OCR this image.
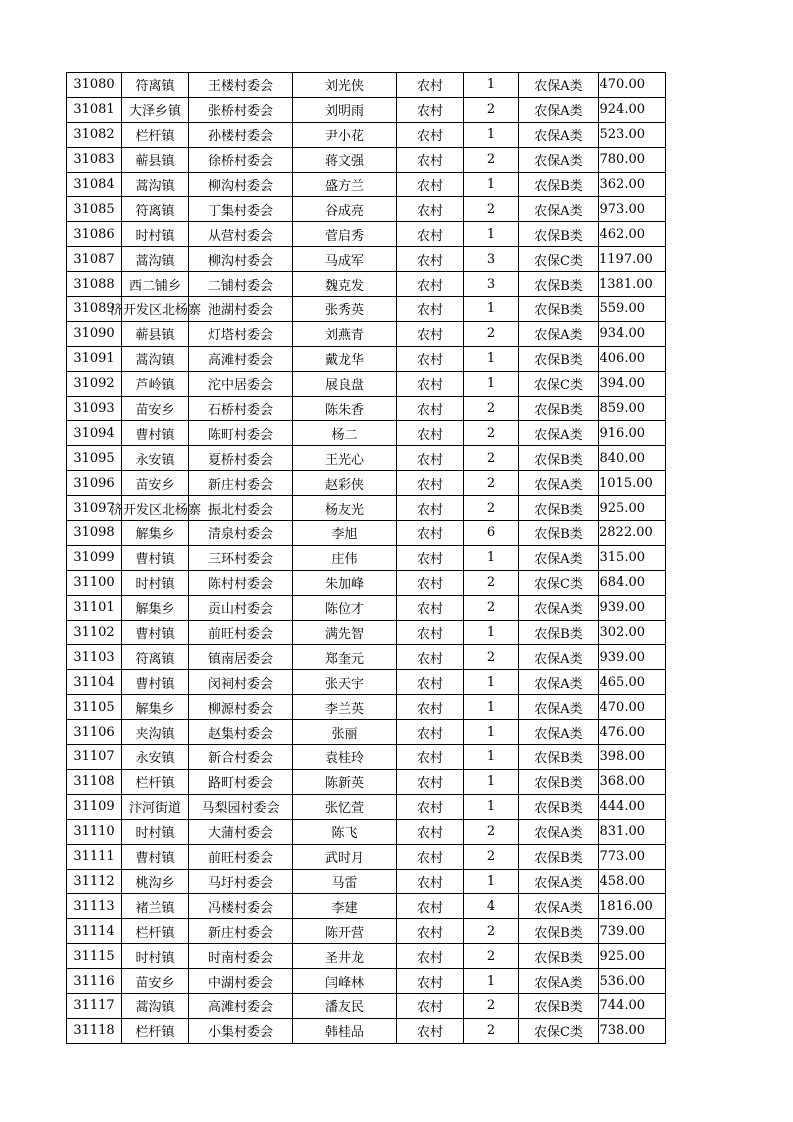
31080	符离镇	王楼村委会	刘光侠	农村	1	农保A类	470.00
31081	大泽乡镇	张桥村委会	刘明雨	农村	2	农保A类	924.00
31082	栏杆镇	孙楼村委会	尹小花	农村	1	农保A类	523.00
31083	蕲县镇	徐桥村委会	蒋文强	农村	2	农保A类	780.00
31084	蒿沟镇	柳沟村委会	盛方兰	农村	1	农保B类	362.00
31085	符离镇	丁集村委会	谷成亮	农村	2	农保A类	973.00
31086	时村镇	从营村委会	菅启秀	农村	1	农保B类	462.00
31087	蒿沟镇	柳沟村委会	马成军	农村	3	农保C类	1197.00
31088	西二铺乡	二铺村委会	魏克发	农村	3	农保B类	1381.00
31089	济开发区北杨寨	池湖村委会	张秀英	农村	1	农保B类	559.00
31090	蕲县镇	灯塔村委会	刘燕青	农村	2	农保A类	934.00
31091	蒿沟镇	高滩村委会	戴龙华	农村	1	农保B类	406.00
31092	芦岭镇	沱中居委会	展良盘	农村	1	农保C类	394.00
31093	苗安乡	石桥村委会	陈朱香	农村	2	农保B类	859.00
31094	曹村镇	陈町村委会	杨二	农村	2	农保A类	916.00
31095	永安镇	夏桥村委会	王光心	农村	2	农保B类	840.00
31096	苗安乡	新庄村委会	赵彩侠	农村	2	农保A类	1015.00
31097	济开发区北杨寨	振北村委会	杨友光	农村	2	农保B类	925.00
31098	解集乡	清泉村委会	李旭	农村	6	农保B类	2822.00
31099	曹村镇	三环村委会	庄伟	农村	1	农保A类	315.00
31100	时村镇	陈村村委会	朱加峰	农村	2	农保C类	684.00
31101	解集乡	贡山村委会	陈位才	农村	2	农保A类	939.00
31102	曹村镇	前旺村委会	满先智	农村	1	农保B类	302.00
31103	符离镇	镇南居委会	郑奎元	农村	2	农保A类	939.00
31104	曹村镇	闵祠村委会	张天宇	农村	1	农保A类	465.00
31105	解集乡	柳源村委会	李兰英	农村	1	农保A类	470.00
31106	夹沟镇	赵集村委会	张丽	农村	1	农保A类	476.00
31107	永安镇	新合村委会	袁桂玲	农村	1	农保B类	398.00
31108	栏杆镇	路町村委会	陈新英	农村	1	农保B类	368.00
31109	汴河街道	马梨园村委会	张忆萱	农村	1	农保B类	444.00
31110	时村镇	大蒲村委会	陈飞	农村	2	农保A类	831.00
31111	曹村镇	前旺村委会	武时月	农村	2	农保B类	773.00
31112	桃沟乡	马圩村委会	马雷	农村	1	农保A类	458.00
31113	褚兰镇	冯楼村委会	李建	农村	4	农保A类	1816.00
31114	栏杆镇	新庄村委会	陈开营	农村	2	农保B类	739.00
31115	时村镇	时南村委会	圣井龙	农村	2	农保B类	925.00
31116	苗安乡	中湖村委会	闫峰林	农村	1	农保A类	536.00
31117	蒿沟镇	高滩村委会	潘友民	农村	2	农保B类	744.00
31118	栏杆镇	小集村委会	韩桂品	农村	2	农保C类	738.00
